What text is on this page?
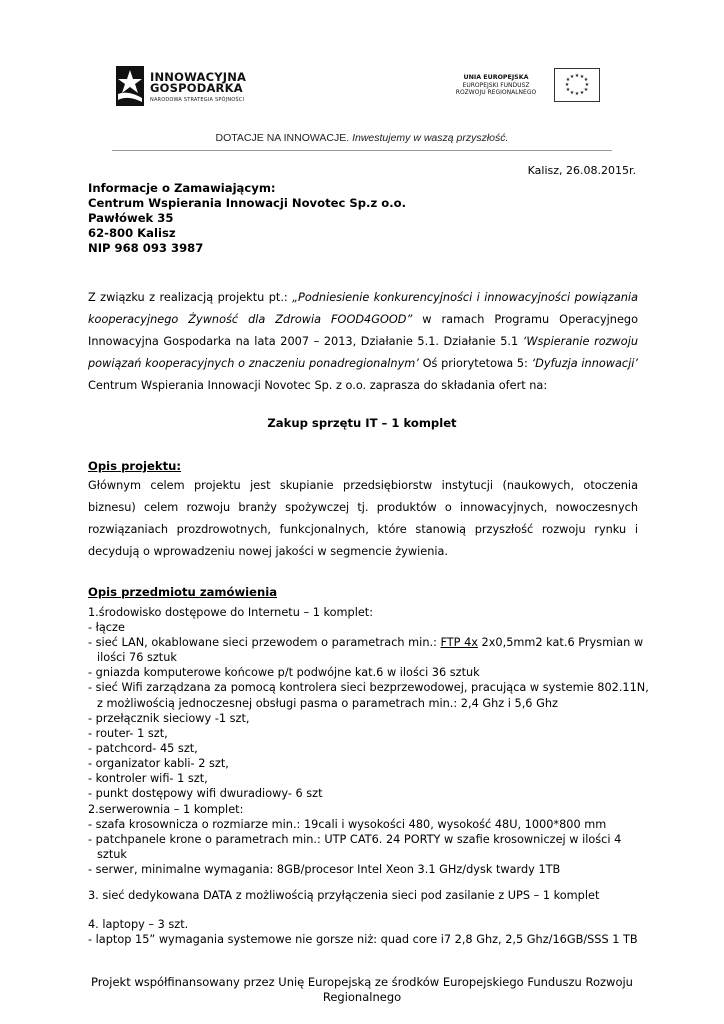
INNOWACYJNA
GOSPODARKA
NARODOWA STRATEGIA SPÓJNOŚCI
UNIA EUROPEJSKA
EUROPEJSKI FUNDUSZ
ROZWOJU REGIONALNEGO
★ ★ ★
★
★
★
★
★
★
★
★ ★
DOTACJE NA INNOWACJE. Inwestujemy w waszą przyszłość.
Kalisz, 26.08.2015r.
Informacje o Zamawiającym:
Centrum Wspierania Innowacji Novotec Sp.z o.o.
Pawłówek 35
62-800 Kalisz
NIP 968 093 3987
Z związku z realizacją projektu pt.: „Podniesienie konkurencyjności i innowacyjności powiązania kooperacyjnego Żywność dla Zdrowia FOOD4GOOD” w ramach Programu Operacyjnego Innowacyjna Gospodarka na lata 2007 – 2013, Działanie 5.1. Działanie 5.1 ‘Wspieranie rozwoju powiązań kooperacyjnych o znaczeniu ponadregionalnym’ Oś priorytetowa 5: ‘Dyfuzja innowacji’ Centrum Wspierania Innowacji Novotec Sp. z o.o. zaprasza do składania ofert na:
Zakup sprzętu IT – 1 komplet
Opis projektu:
Głównym celem projektu jest skupianie przedsiębiorstw instytucji (naukowych, otoczenia biznesu) celem rozwoju branży spożywczej tj. produktów o innowacyjnych, nowoczesnych rozwiązaniach prozdrowotnych, funkcjonalnych, które stanowią przyszłość rozwoju rynku i decydują o wprowadzeniu nowej jakości w segmencie żywienia.
Opis przedmiotu zamówienia
1.środowisko dostępowe do Internetu – 1 komplet:
- łącze
- sieć LAN, okablowane sieci przewodem o parametrach min.: FTP 4x 2x0,5mm2 kat.6 Prysmian w
ilości 76 sztuk
- gniazda komputerowe końcowe p/t podwójne kat.6 w ilości 36 sztuk
- sieć Wifi zarządzana za pomocą kontrolera sieci bezprzewodowej, pracująca w systemie 802.11N,
z możliwością jednoczesnej obsługi pasma o parametrach min.: 2,4 Ghz i 5,6 Ghz
- przełącznik sieciowy -1 szt,
- router- 1 szt,
- patchcord- 45 szt,
- organizator kabli- 2 szt,
- kontroler wifi- 1 szt,
- punkt dostępowy wifi dwuradiowy- 6 szt
2.serwerownia – 1 komplet:
- szafa krosownicza o rozmiarze min.: 19cali i wysokości 480, wysokość 48U, 1000*800 mm
- patchpanele krone o parametrach min.: UTP CAT6. 24 PORTY w szafie krosowniczej w ilości 4
sztuk
- serwer, minimalne wymagania: 8GB/procesor Intel Xeon 3.1 GHz/dysk twardy 1TB
3. sieć dedykowana DATA z możliwością przyłączenia sieci pod zasilanie z UPS – 1 komplet
4. laptopy – 3 szt.
- laptop 15” wymagania systemowe nie gorsze niż: quad core i7 2,8 Ghz, 2,5 Ghz/16GB/SSS 1 TB
Projekt współfinansowany przez Unię Europejską ze środków Europejskiego Funduszu Rozwoju
Regionalnego
